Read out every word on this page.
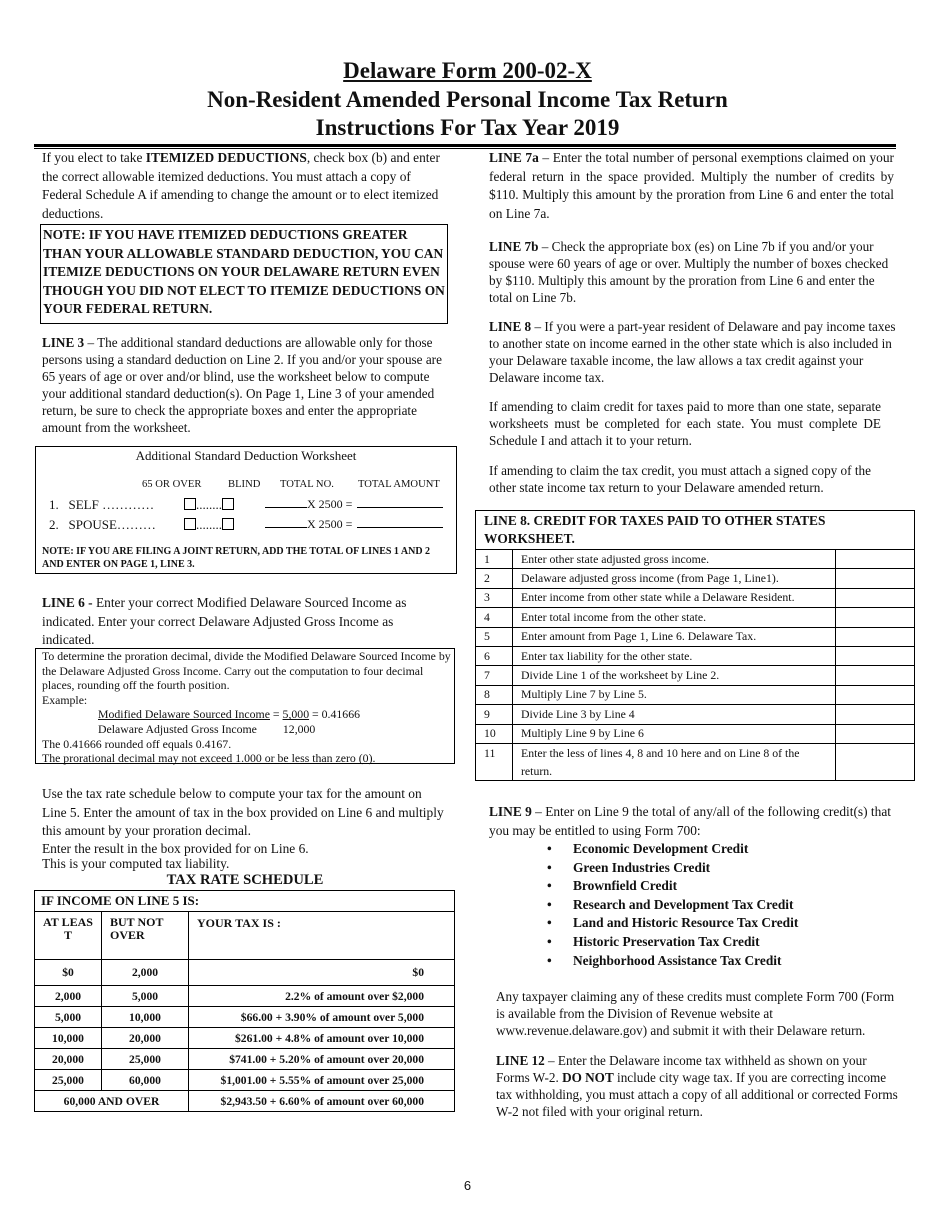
Delaware Form 200-02-X
Non-Resident Amended Personal Income Tax Return
Instructions For Tax Year 2019
If you elect to take ITEMIZED DEDUCTIONS, check box (b) and enter the correct allowable itemized deductions. You must attach a copy of Federal Schedule A if amending to change the amount or to elect itemized deductions.
NOTE: IF YOU HAVE ITEMIZED DEDUCTIONS GREATER THAN YOUR ALLOWABLE STANDARD DEDUCTION, YOU CAN ITEMIZE DEDUCTIONS ON YOUR DELAWARE RETURN EVEN THOUGH YOU DID NOT ELECT TO ITEMIZE DEDUCTIONS ON YOUR FEDERAL RETURN.
LINE 3 – The additional standard deductions are allowable only for those persons using a standard deduction on Line 2. If you and/or your spouse are 65 years of age or over and/or blind, use the worksheet below to compute your additional standard deduction(s). On Page 1, Line 3 of your amended return, be sure to check the appropriate boxes and enter the appropriate amount from the worksheet.
Additional Standard Deduction Worksheet
65 OR OVER	BLIND TOTAL NO. TOTAL AMOUNT
1. SELF …………	........	X 2500 =
2. SPOUSE………	........	X 2500 =
NOTE: IF YOU ARE FILING A JOINT RETURN, ADD THE TOTAL OF LINES 1 AND 2 AND ENTER ON PAGE 1, LINE 3.
LINE 6 - Enter your correct Modified Delaware Sourced Income as indicated. Enter your correct Delaware Adjusted Gross Income as indicated.
To determine the proration decimal, divide the Modified Delaware Sourced Income by the Delaware Adjusted Gross Income. Carry out the computation to four decimal places, rounding off the fourth position.
Example:
Modified Delaware Sourced Income = 5,000 = 0.41666
Delaware Adjusted Gross Income 12,000
The 0.41666 rounded off equals 0.4167.
The prorational decimal may not exceed 1.000 or be less than zero (0).
Use the tax rate schedule below to compute your tax for the amount on Line 5. Enter the amount of tax in the box provided on Line 6 and multiply this amount by your proration decimal.
Enter the result in the box provided for on Line 6.
This is your computed tax liability.
TAX RATE SCHEDULE
IF INCOME ON LINE 5 IS:		
AT LEAS T	BUT NOT OVER	YOUR TAX IS :
$0	2,000	$0
2,000	5,000	2.2% of amount over $2,000
5,000	10,000	$66.00 + 3.90% of amount over 5,000
10,000	20,000	$261.00 + 4.8% of amount over 10,000
20,000	25,000	$741.00 + 5.20% of amount over 20,000
25,000	60,000	$1,001.00 + 5.55% of amount over 25,000
60,000 AND OVER		$2,943.50 + 6.60% of amount over 60,000
LINE 7a – Enter the total number of personal exemptions claimed on your federal return in the space provided. Multiply the number of credits by $110. Multiply this amount by the proration from Line 6 and enter the total on Line 7a.
LINE 7b – Check the appropriate box (es) on Line 7b if you and/or your spouse were 60 years of age or over. Multiply the number of boxes checked by $110. Multiply this amount by the proration from Line 6 and enter the total on Line 7b.
LINE 8 – If you were a part-year resident of Delaware and pay income taxes to another state on income earned in the other state which is also included in your Delaware taxable income, the law allows a tax credit against your Delaware income tax.
If amending to claim credit for taxes paid to more than one state, separate worksheets must be completed for each state. You must complete DE Schedule I and attach it to your return.
If amending to claim the tax credit, you must attach a signed copy of the other state income tax return to your Delaware amended return.
LINE 8. CREDIT FOR TAXES PAID TO OTHER STATES WORKSHEET.		
1	Enter other state adjusted gross income.	
2	Delaware adjusted gross income (from Page 1, Line1).	
3	Enter income from other state while a Delaware Resident.	
4	Enter total income from the other state.	
5	Enter amount from Page 1, Line 6. Delaware Tax.	
6	Enter tax liability for the other state.	
7	Divide Line 1 of the worksheet by Line 2.	
8	Multiply Line 7 by Line 5.	
9	Divide Line 3 by Line 4	
10	Multiply Line 9 by Line 6	
11	Enter the less of lines 4, 8 and 10 here and on Line 8 of the return.	
LINE 9 – Enter on Line 9 the total of any/all of the following credit(s) that you may be entitled to using Form 700:
• Economic Development Credit
• Green Industries Credit
• Brownfield Credit
• Research and Development Tax Credit
• Land and Historic Resource Tax Credit
• Historic Preservation Tax Credit
• Neighborhood Assistance Tax Credit
Any taxpayer claiming any of these credits must complete Form 700 (Form is available from the Division of Revenue website at www.revenue.delaware.gov) and submit it with their Delaware return.
LINE 12 – Enter the Delaware income tax withheld as shown on your Forms W-2. DO NOT include city wage tax. If you are correcting income tax withholding, you must attach a copy of all additional or corrected Forms W-2 not filed with your original return.
6
